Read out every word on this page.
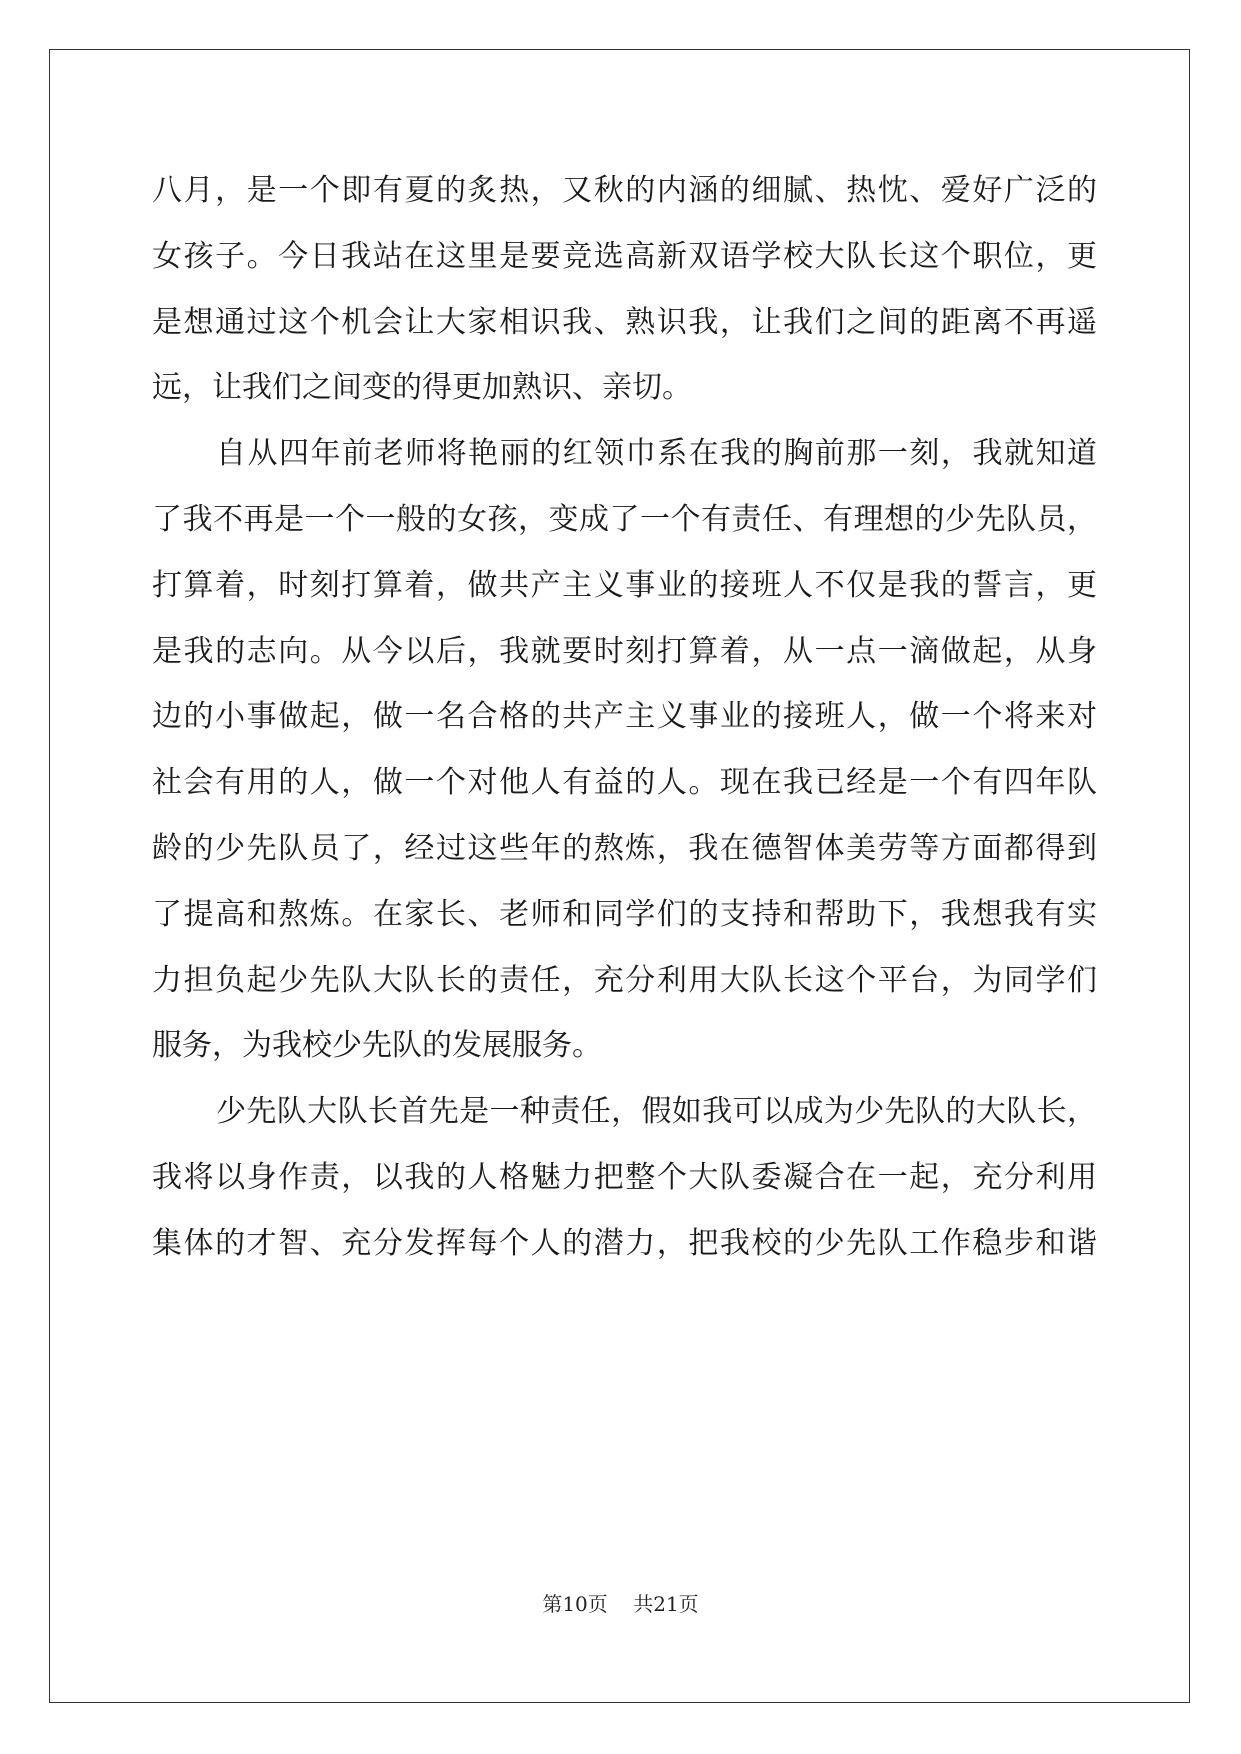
八月，是一个即有夏的炙热，又秋的内涵的细腻、热忱、爱好广泛的
女孩子。今日我站在这里是要竞选高新双语学校大队长这个职位，更
是想通过这个机会让大家相识我、熟识我，让我们之间的距离不再遥
远，让我们之间变的得更加熟识、亲切。
自从四年前老师将艳丽的红领巾系在我的胸前那一刻，我就知道
了我不再是一个一般的女孩，变成了一个有责任、有理想的少先队员，
打算着，时刻打算着，做共产主义事业的接班人不仅是我的誓言，更
是我的志向。从今以后，我就要时刻打算着，从一点一滴做起，从身
边的小事做起，做一名合格的共产主义事业的接班人，做一个将来对
社会有用的人，做一个对他人有益的人。现在我已经是一个有四年队
龄的少先队员了，经过这些年的熬炼，我在德智体美劳等方面都得到
了提高和熬炼。在家长、老师和同学们的支持和帮助下，我想我有实
力担负起少先队大队长的责任，充分利用大队长这个平台，为同学们
服务，为我校少先队的发展服务。
少先队大队长首先是一种责任，假如我可以成为少先队的大队长，
我将以身作责，以我的人格魅力把整个大队委凝合在一起，充分利用
集体的才智、充分发挥每个人的潜力，把我校的少先队工作稳步和谐
第10页 共21页
